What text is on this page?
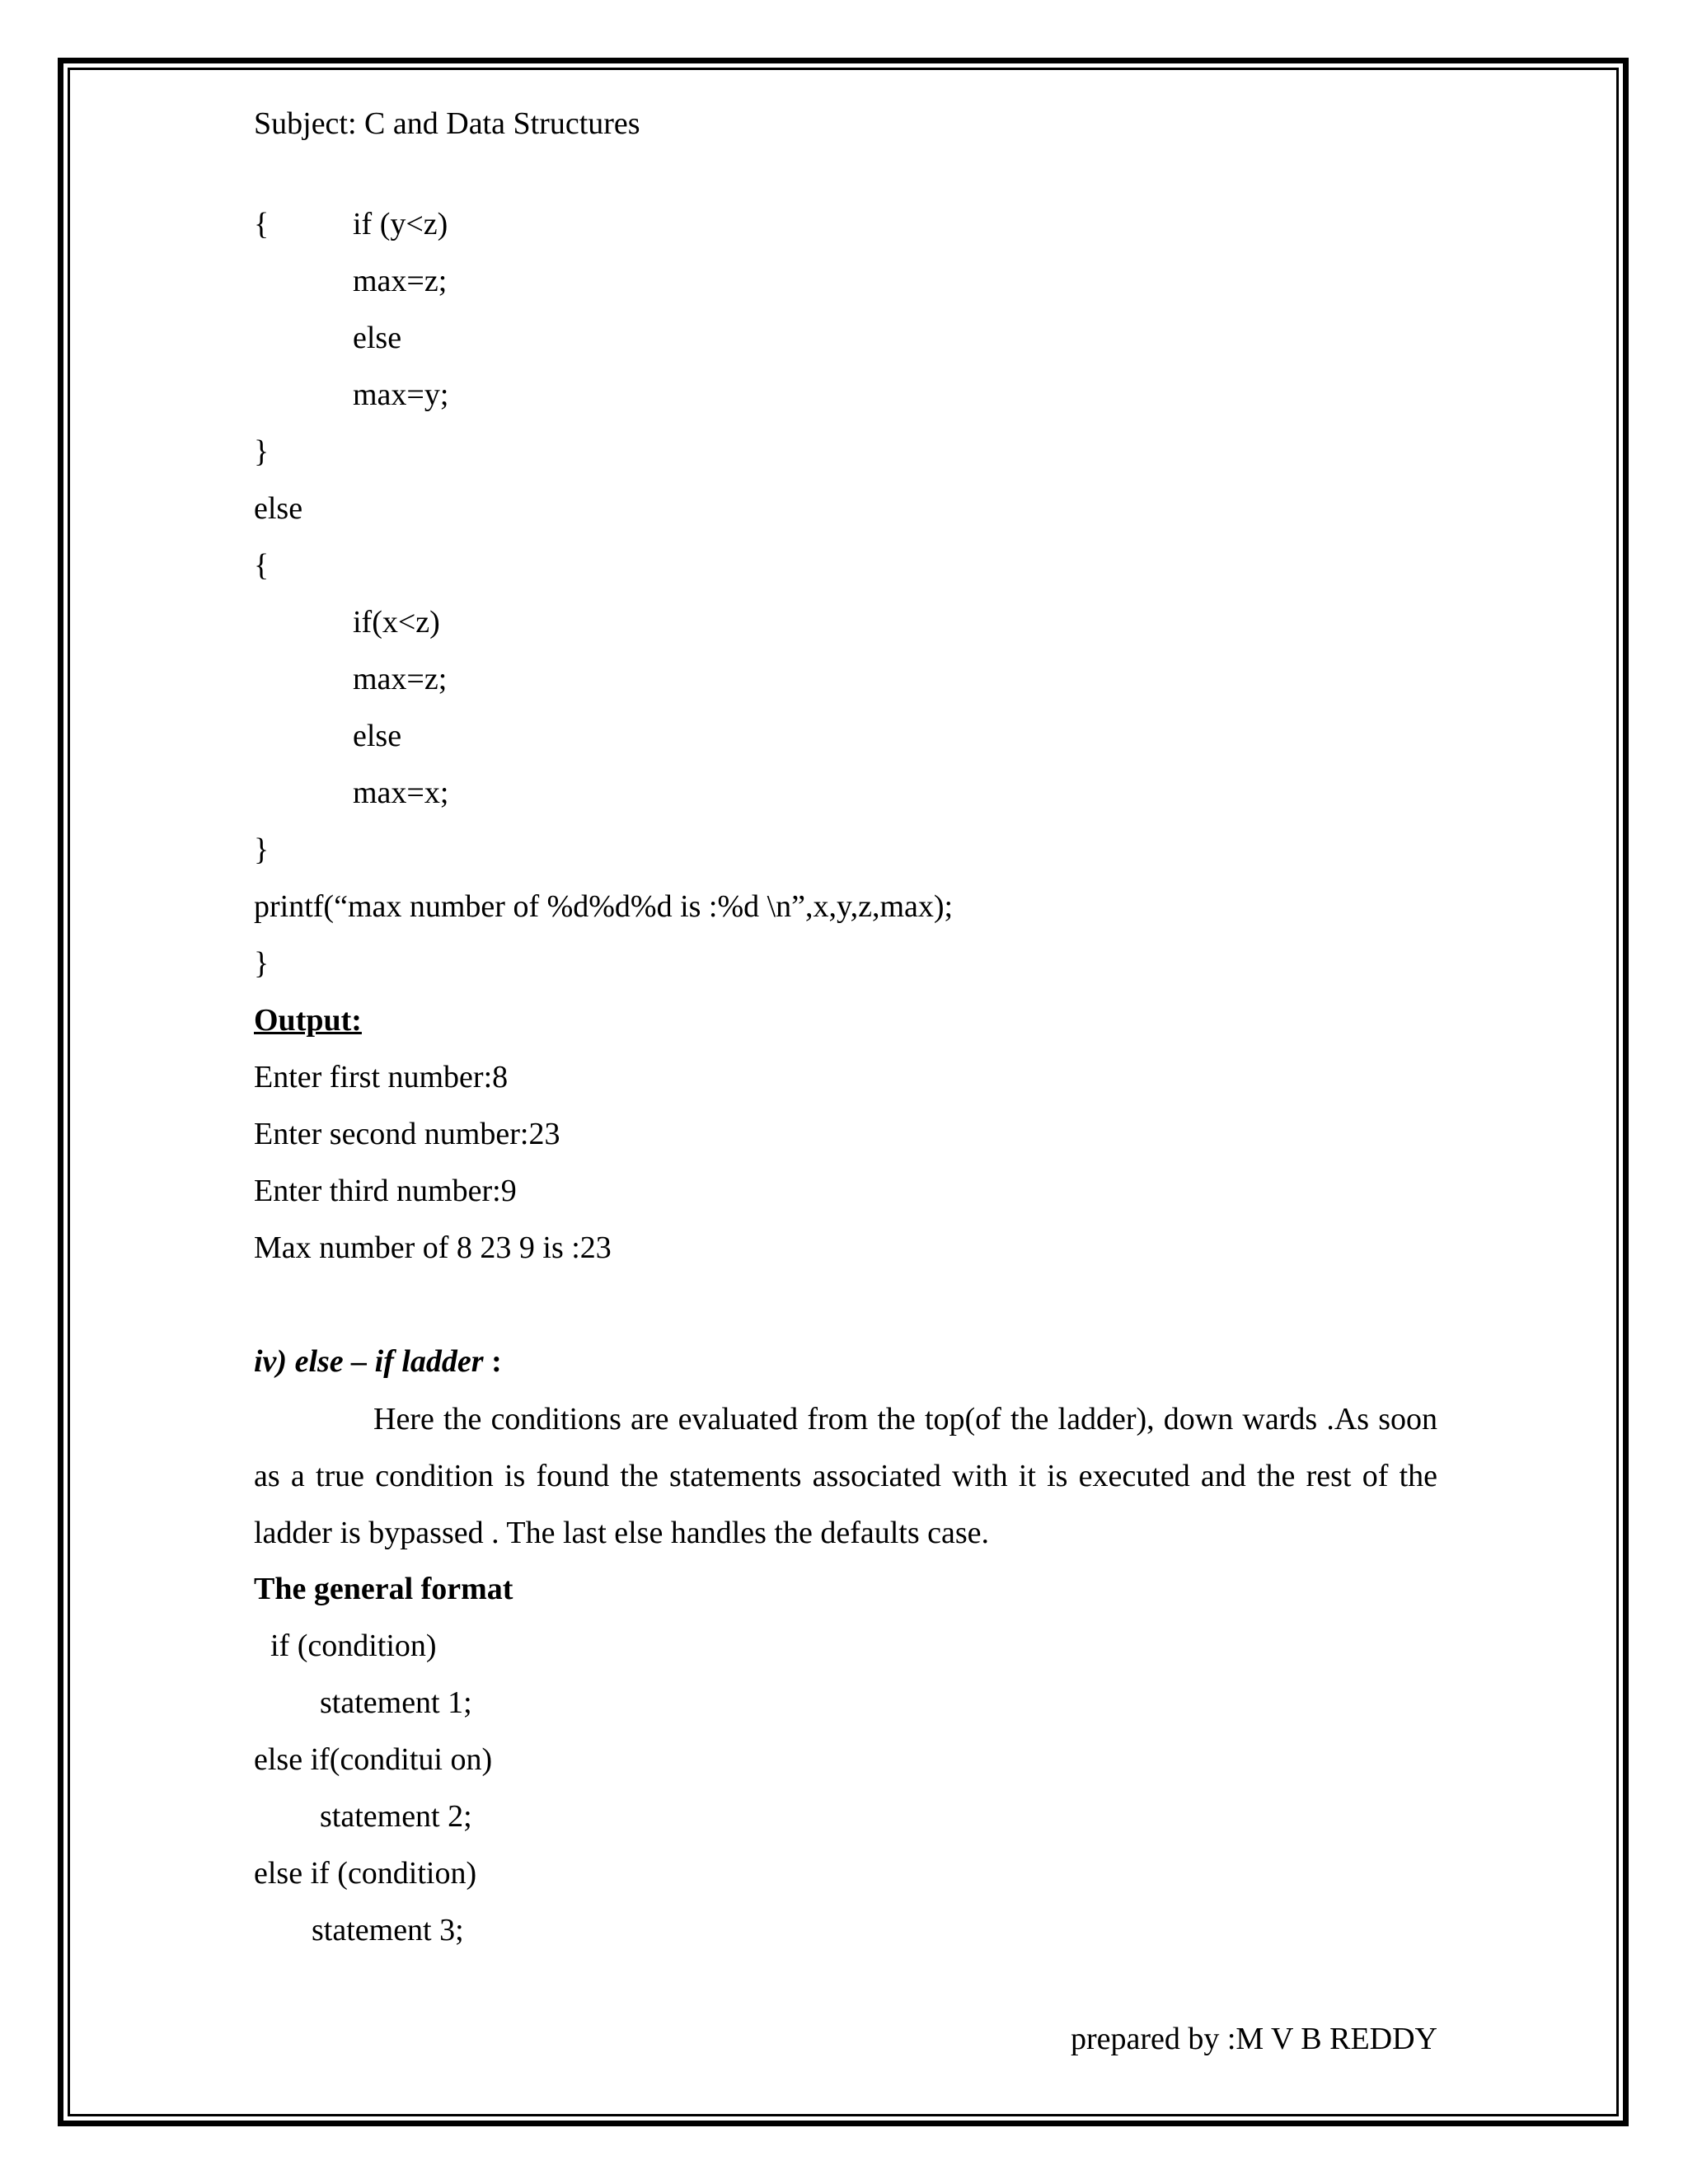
Subject: C and Data Structures
{	if (y<z)
max=z;
else
max=y;
}
else
{
if(x<z)
max=z;
else
max=x;
}
printf(“max number of %d%d%d is :%d \n”,x,y,z,max);
}
Output:
Enter first number:8
Enter second number:23
Enter third number:9
Max number of 8 23 9 is :23
iv) else – if ladder :
Here the conditions are evaluated from the top(of the ladder), down wards .As soon as a true condition is found the statements associated with it is executed and the rest of the ladder is bypassed . The last else handles the defaults case.
The general format
if (condition)
statement 1;
else if(conditui on)
statement 2;
else if (condition)
statement 3;
prepared by :M V B REDDY
